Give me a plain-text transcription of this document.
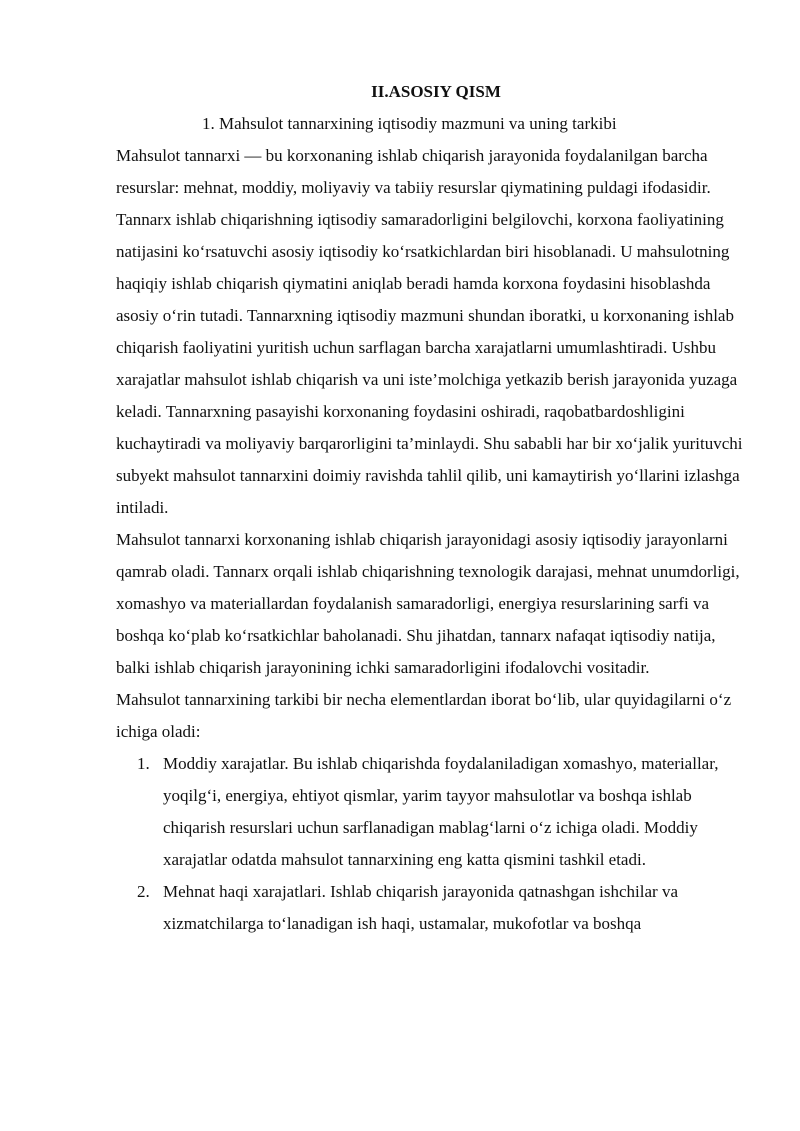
II.ASOSIY QISM

1. Mahsulot tannarxining iqtisodiy mazmuni va uning tarkibi

Mahsulot tannarxi — bu korxonaning ishlab chiqarish jarayonida foydalanilgan barcha resurslar: mehnat, moddiy, moliyaviy va tabiiy resurslar qiymatining puldagi ifodasidir. Tannarx ishlab chiqarishning iqtisodiy samaradorligini belgilovchi, korxona faoliyatining natijasini koʻrsatuvchi asosiy iqtisodiy koʻrsatkichlardan biri hisoblanadi. U mahsulotning haqiqiy ishlab chiqarish qiymatini aniqlab beradi hamda korxona foydasini hisoblashda asosiy oʻrin tutadi. Tannarxning iqtisodiy mazmuni shundan iboratki, u korxonaning ishlab chiqarish faoliyatini yuritish uchun sarflagan barcha xarajatlarni umumlashtiradi. Ushbu xarajatlar mahsulot ishlab chiqarish va uni iste’molchiga yetkazib berish jarayonida yuzaga keladi. Tannarxning pasayishi korxonaning foydasini oshiradi, raqobatbardoshligini kuchaytiradi va moliyaviy barqarorligini ta’minlaydi. Shu sababli har bir xoʻjalik yurituvchi subyekt mahsulot tannarxini doimiy ravishda tahlil qilib, uni kamaytirish yoʻllarini izlashga intiladi.

Mahsulot tannarxi korxonaning ishlab chiqarish jarayonidagi asosiy iqtisodiy jarayonlarni qamrab oladi. Tannarx orqali ishlab chiqarishning texnologik darajasi, mehnat unumdorligi, xomashyo va materiallardan foydalanish samaradorligi, energiya resurslarining sarfi va boshqa koʻplab koʻrsatkichlar baholanadi. Shu jihatdan, tannarx nafaqat iqtisodiy natija, balki ishlab chiqarish jarayonining ichki samaradorligini ifodalovchi vositadir.

Mahsulot tannarxining tarkibi bir necha elementlardan iborat boʻlib, ular quyidagilarni oʻz ichiga oladi:

1. Moddiy xarajatlar. Bu ishlab chiqarishda foydalaniladigan xomashyo, materiallar, yoqilgʻi, energiya, ehtiyot qismlar, yarim tayyor mahsulotlar va boshqa ishlab chiqarish resurslari uchun sarflanadigan mablagʻlarni oʻz ichiga oladi. Moddiy xarajatlar odatda mahsulot tannarxining eng katta qismini tashkil etadi.
2. Mehnat haqi xarajatlari. Ishlab chiqarish jarayonida qatnashgan ishchilar va xizmatchilarga toʻlanadigan ish haqi, ustamalar, mukofotlar va boshqa
